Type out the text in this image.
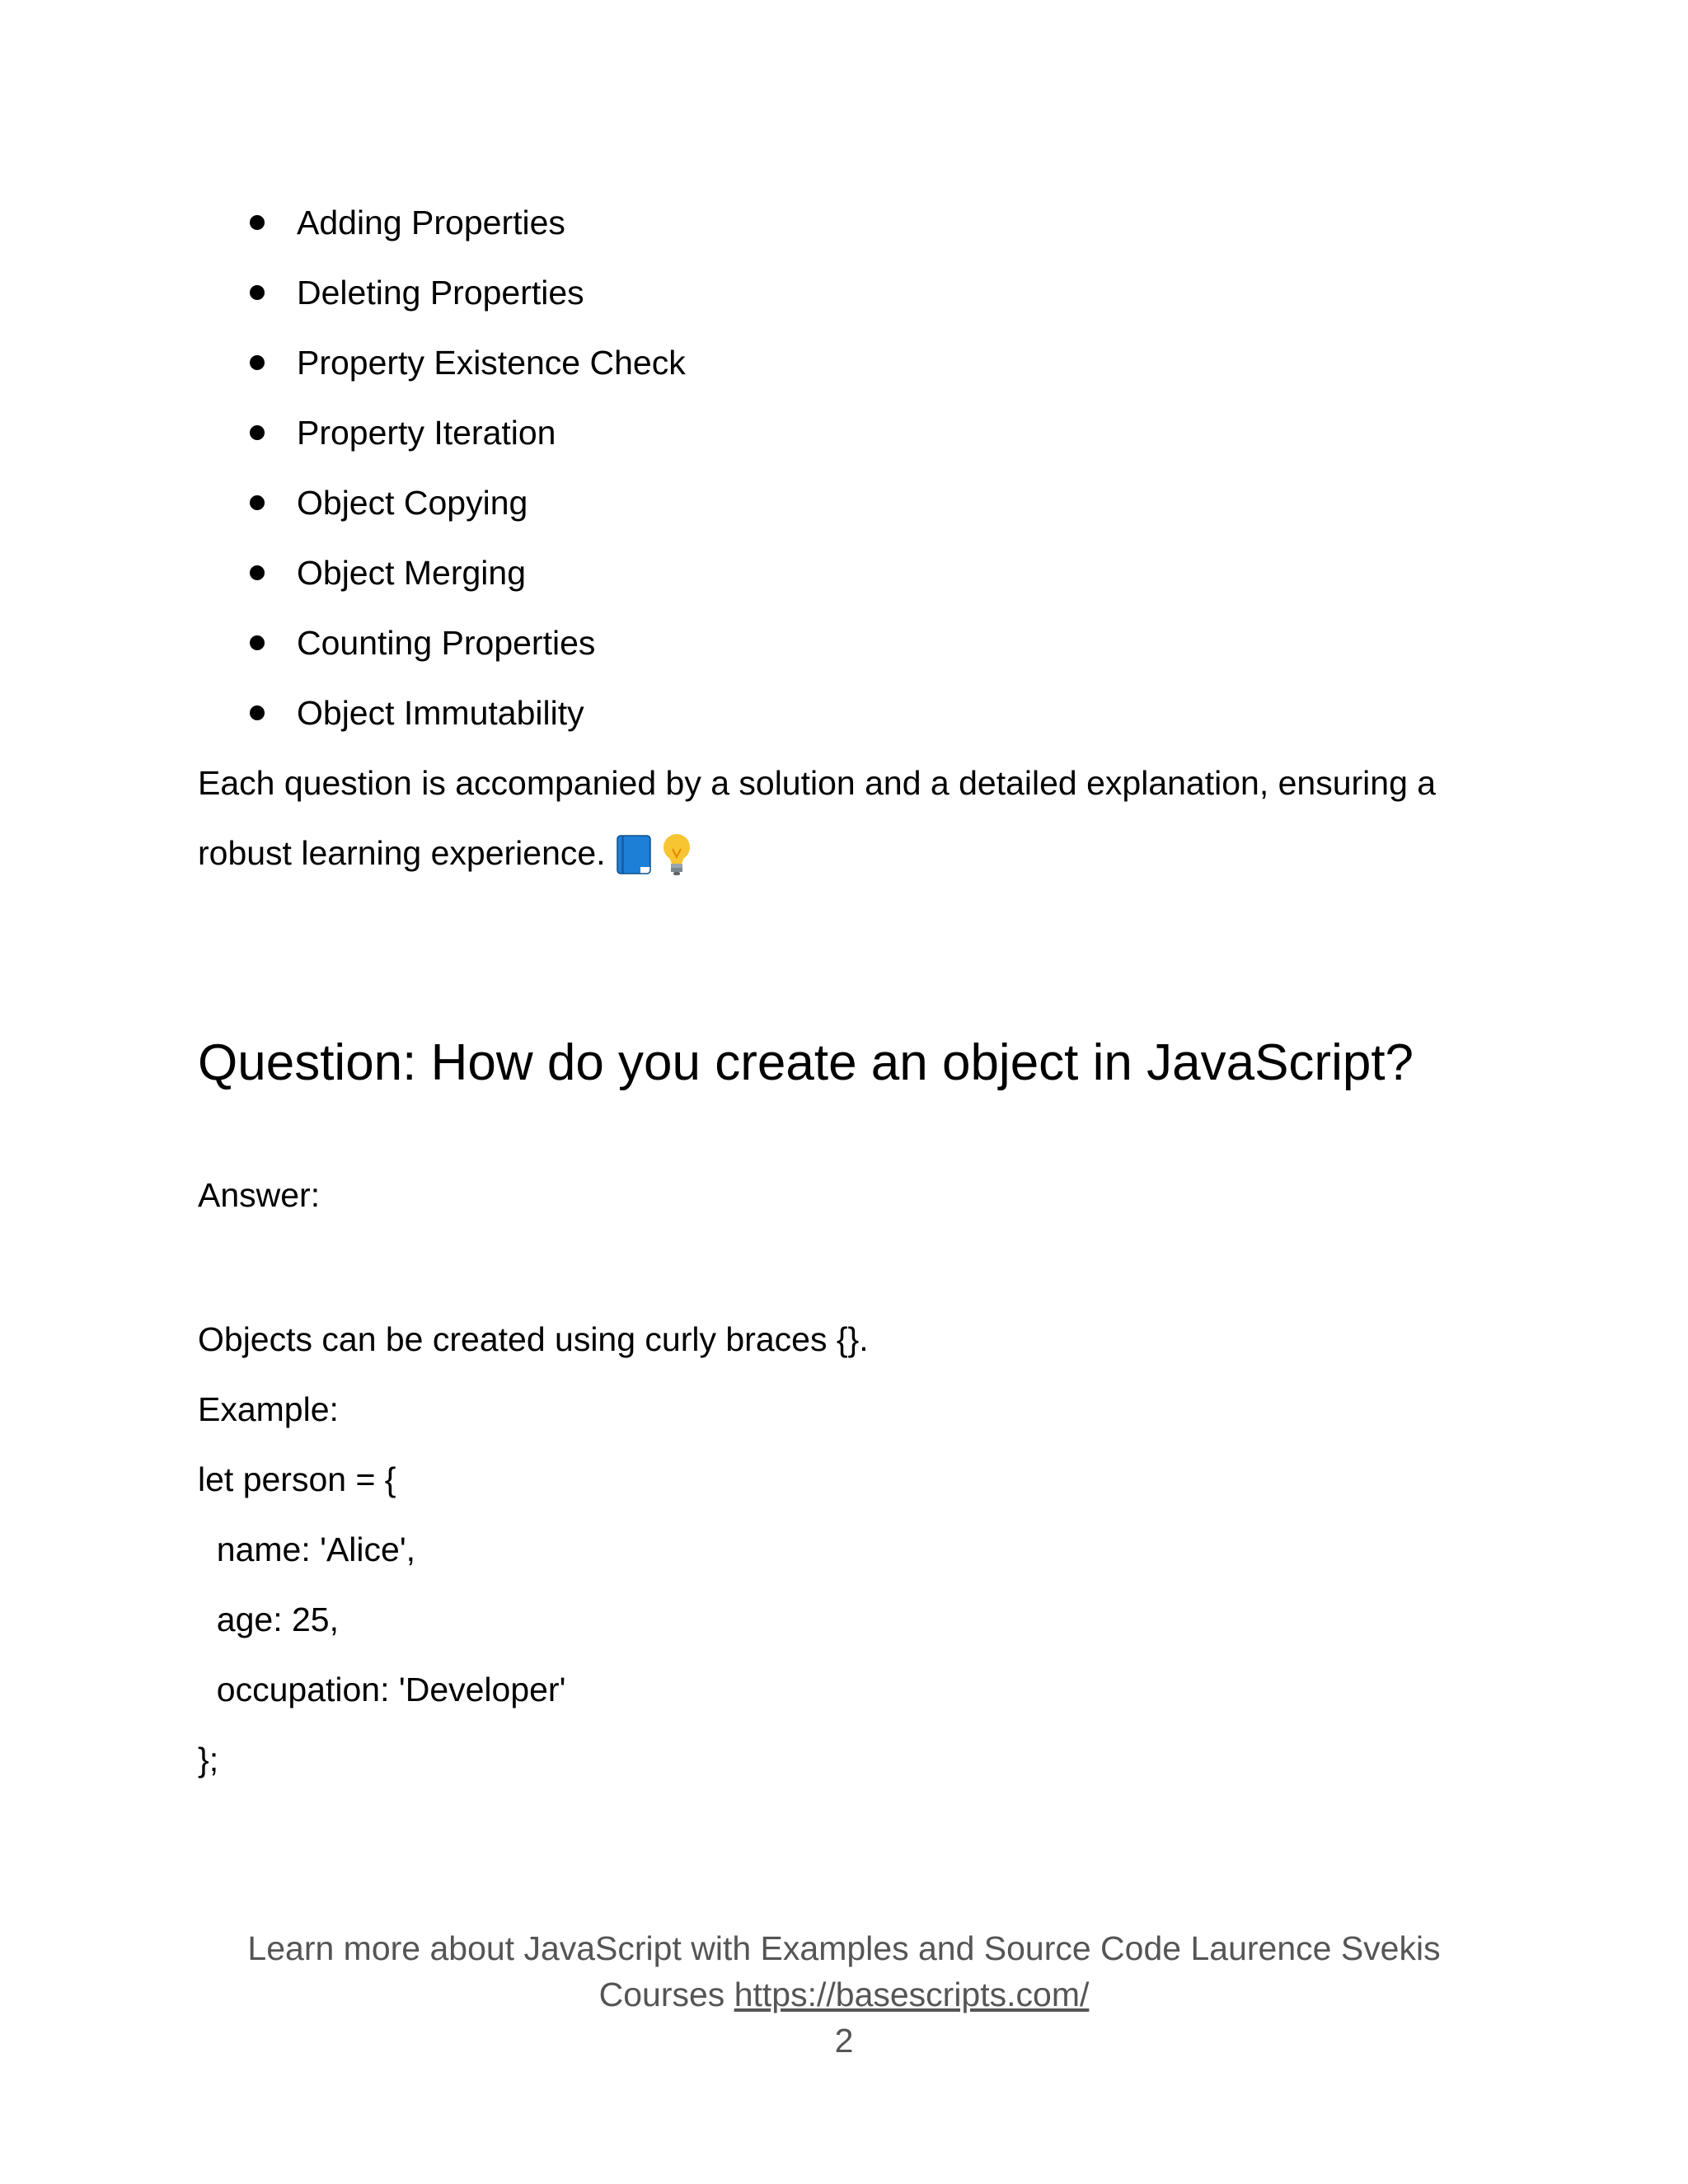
Adding Properties
Deleting Properties
Property Existence Check
Property Iteration
Object Copying
Object Merging
Counting Properties
Object Immutability

Each question is accompanied by a solution and a detailed explanation, ensuring a

robust learning experience.

Question: How do you create an object in JavaScript?

Answer:

Objects can be created using curly braces {}.

Example:

let person = {

name: 'Alice',

age: 25,

occupation: 'Developer'

};

Learn more about JavaScript with Examples and Source Code Laurence Svekis
Courses https://basescripts.com/
2
